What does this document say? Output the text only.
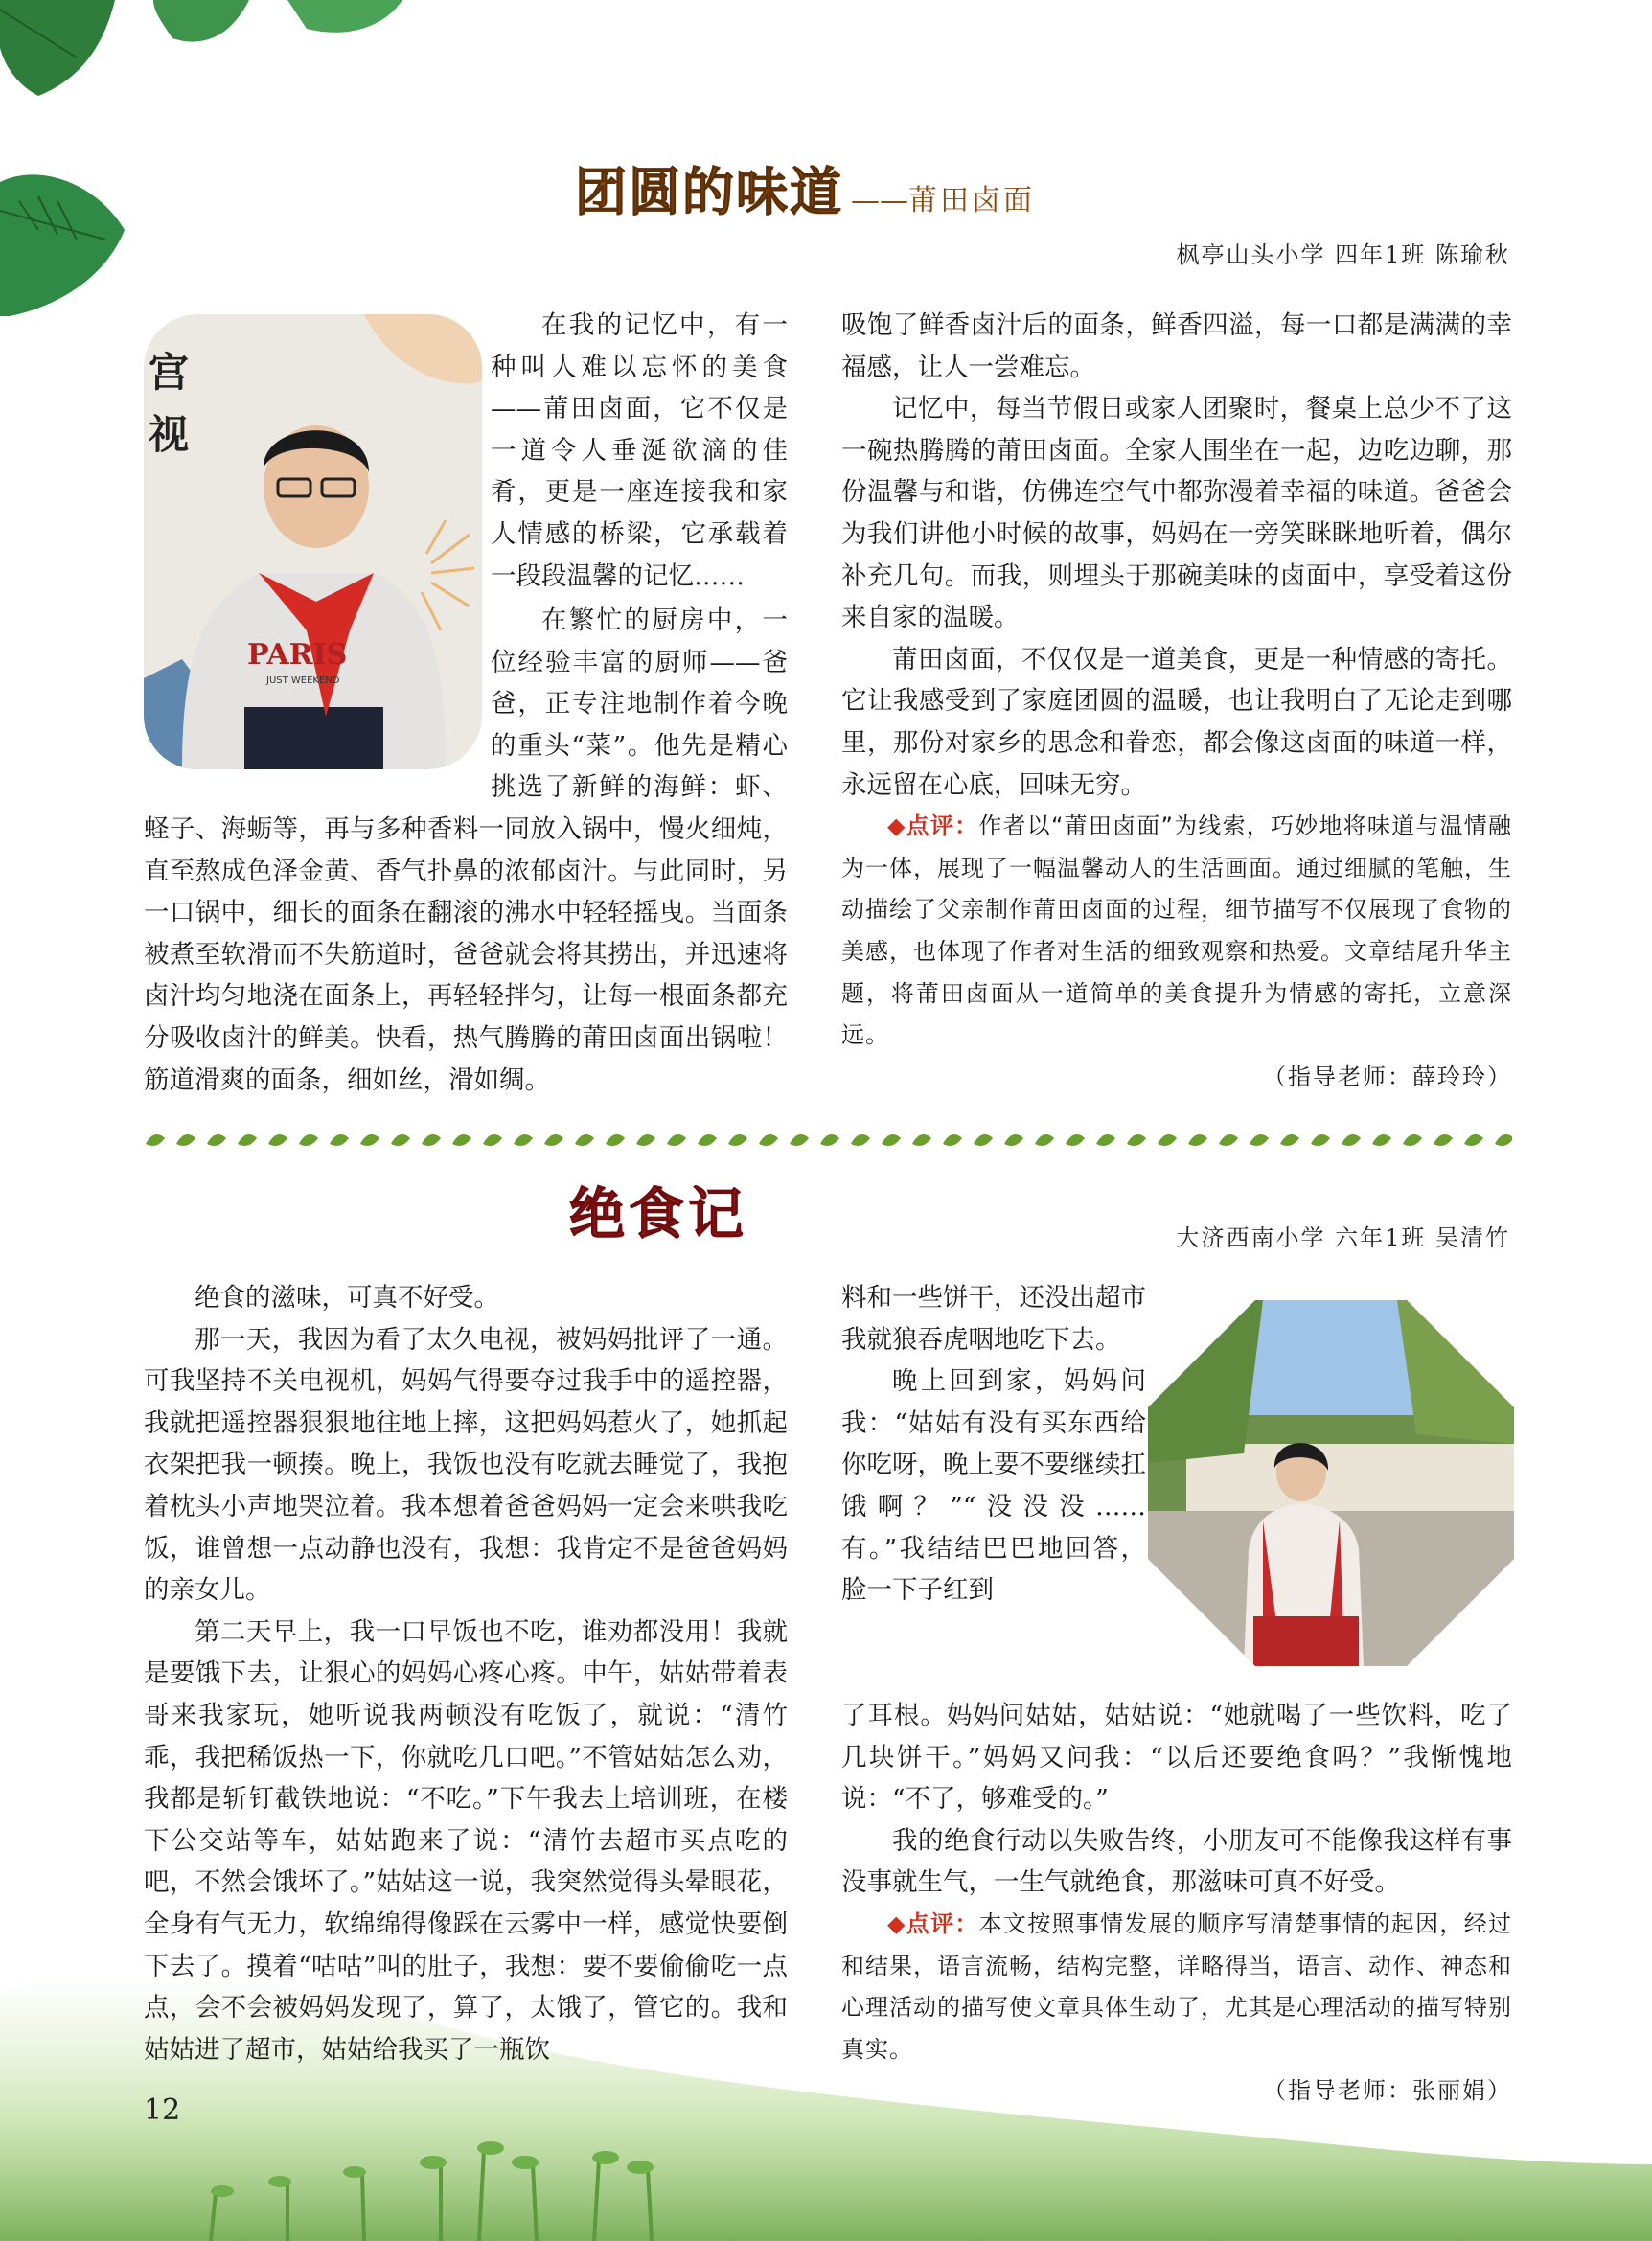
团圆的味道 —— 莆田卤面
枫亭山头小学 四年1班 陈瑜秋
宫
视
PARIS
JUST WEEKEND

在我的记忆中，有一种叫人难以忘怀的美食——莆田卤面，它不仅是一道令人垂涎欲滴的佳肴，更是一座连接我和家人情感的桥梁，它承载着一段段温馨的记忆……

在繁忙的厨房中，一位经验丰富的厨师——爸爸，正专注地制作着今晚的重头“菜”。他先是精心挑选了新鲜的海鲜：虾、蛏子、海蛎等，再与多种香料一同放入锅中，慢火细炖，直至熬成色泽金黄、香气扑鼻的浓郁卤汁。与此同时，另一口锅中，细长的面条在翻滚的沸水中轻轻摇曳。当面条被煮至软滑而不失筋道时，爸爸就会将其捞出，并迅速将卤汁均匀地浇在面条上，再轻轻拌匀，让每一根面条都充分吸收卤汁的鲜美。快看，热气腾腾的莆田卤面出锅啦！筋道滑爽的面条，细如丝，滑如绸。

吸饱了鲜香卤汁后的面条，鲜香四溢，每一口都是满满的幸福感，让人一尝难忘。

记忆中，每当节假日或家人团聚时，餐桌上总少不了这一碗热腾腾的莆田卤面。全家人围坐在一起，边吃边聊，那份温馨与和谐，仿佛连空气中都弥漫着幸福的味道。爸爸会为我们讲他小时候的故事，妈妈在一旁笑眯眯地听着，偶尔补充几句。而我，则埋头于那碗美味的卤面中，享受着这份来自家的温暖。

莆田卤面，不仅仅是一道美食，更是一种情感的寄托。它让我感受到了家庭团圆的温暖，也让我明白了无论走到哪里，那份对家乡的思念和眷恋，都会像这卤面的味道一样，永远留在心底，回味无穷。

◆点评：作者以“莆田卤面”为线索，巧妙地将味道与温情融为一体，展现了一幅温馨动人的生活画面。通过细腻的笔触，生动描绘了父亲制作莆田卤面的过程，细节描写不仅展现了食物的美感，也体现了作者对生活的细致观察和热爱。文章结尾升华主题，将莆田卤面从一道简单的美食提升为情感的寄托，立意深远。

（指导老师：薛玲玲）
绝食记	大济西南小学 六年1班 吴清竹

绝食的滋味，可真不好受。

那一天，我因为看了太久电视，被妈妈批评了一通。可我坚持不关电视机，妈妈气得要夺过我手中的遥控器，我就把遥控器狠狠地往地上摔，这把妈妈惹火了，她抓起衣架把我一顿揍。晚上，我饭也没有吃就去睡觉了，我抱着枕头小声地哭泣着。我本想着爸爸妈妈一定会来哄我吃饭，谁曾想一点动静也没有，我想：我肯定不是爸爸妈妈的亲女儿。

第二天早上，我一口早饭也不吃，谁劝都没用！我就是要饿下去，让狠心的妈妈心疼心疼。中午，姑姑带着表哥来我家玩，她听说我两顿没有吃饭了，就说：“清竹乖，我把稀饭热一下，你就吃几口吧。”不管姑姑怎么劝，我都是斩钉截铁地说：“不吃。”下午我去上培训班，在楼下公交站等车，姑姑跑来了说：“清竹去超市买点吃的吧，不然会饿坏了。”姑姑这一说，我突然觉得头晕眼花，全身有气无力，软绵绵得像踩在云雾中一样，感觉快要倒下去了。摸着“咕咕”叫的肚子，我想：要不要偷偷吃一点点，会不会被妈妈发现了，算了，太饿了，管它的。我和姑姑进了超市，姑姑给我买了一瓶饮

料和一些饼干，还没出超市我就狼吞虎咽地吃下去。

晚上回到家，妈妈问我：“姑姑有没有买东西给你吃呀，晚上要不要继续扛饿啊？”“没没没……有。”我结结巴巴地回答，脸一下子红到

了耳根。妈妈问姑姑，姑姑说：“她就喝了一些饮料，吃了几块饼干。”妈妈又问我：“以后还要绝食吗？”我惭愧地说：“不了，够难受的。”

我的绝食行动以失败告终，小朋友可不能像我这样有事没事就生气，一生气就绝食，那滋味可真不好受。

◆点评：本文按照事情发展的顺序写清楚事情的起因，经过和结果，语言流畅，结构完整，详略得当，语言、动作、神态和心理活动的描写使文章具体生动了，尤其是心理活动的描写特别真实。

（指导老师：张丽娟）
12
